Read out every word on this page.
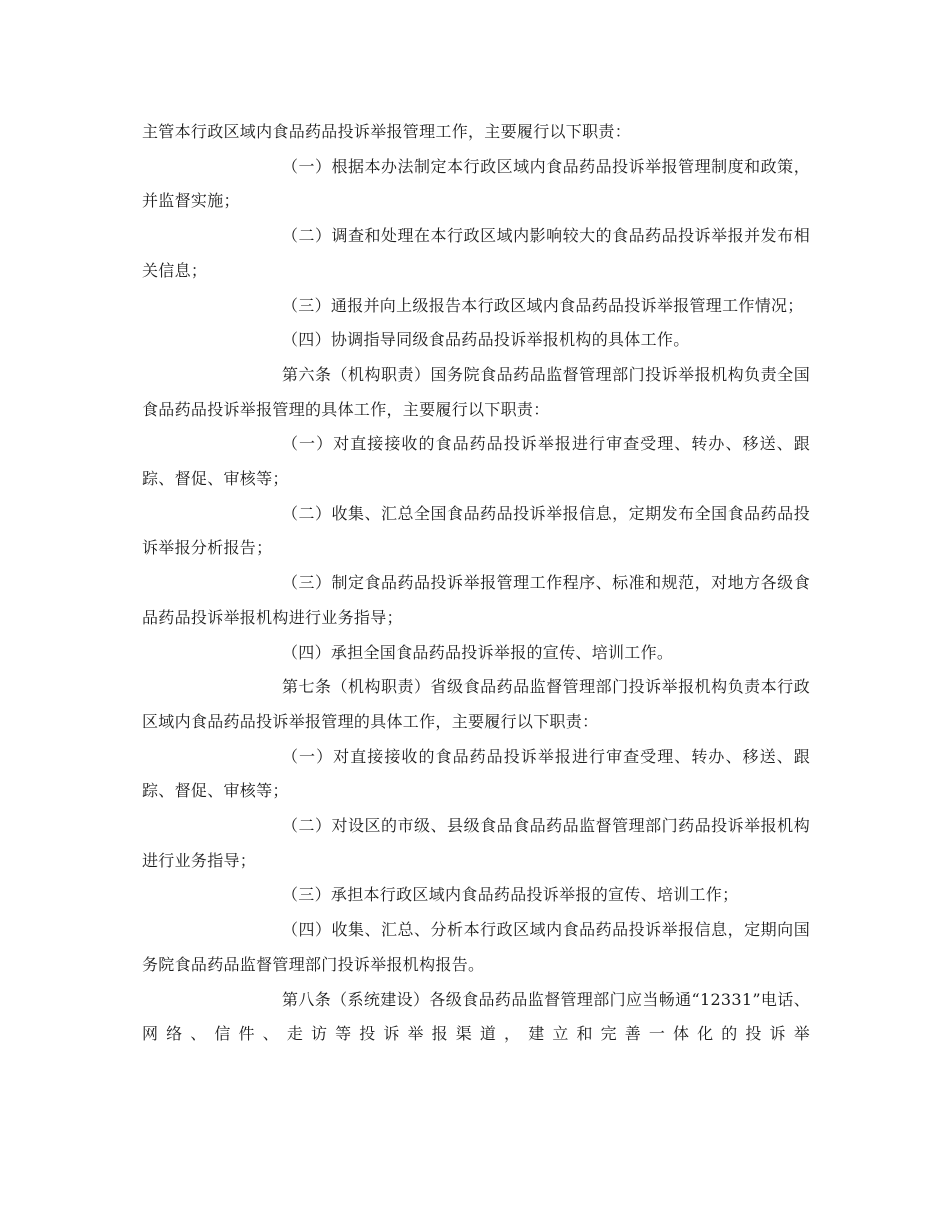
主管本行政区域内食品药品投诉举报管理工作，主要履行以下职责：

（一）根据本办法制定本行政区域内食品药品投诉举报管理制度和政策，并监督实施；

（二）调查和处理在本行政区域内影响较大的食品药品投诉举报并发布相关信息；

（三）通报并向上级报告本行政区域内食品药品投诉举报管理工作情况；

（四）协调指导同级食品药品投诉举报机构的具体工作。

第六条（机构职责）国务院食品药品监督管理部门投诉举报机构负责全国食品药品投诉举报管理的具体工作，主要履行以下职责：

（一）对直接接收的食品药品投诉举报进行审查受理、转办、移送、跟踪、督促、审核等；

（二）收集、汇总全国食品药品投诉举报信息，定期发布全国食品药品投诉举报分析报告；

（三）制定食品药品投诉举报管理工作程序、标准和规范，对地方各级食品药品投诉举报机构进行业务指导；

（四）承担全国食品药品投诉举报的宣传、培训工作。

第七条（机构职责）省级食品药品监督管理部门投诉举报机构负责本行政区域内食品药品投诉举报管理的具体工作，主要履行以下职责：

（一）对直接接收的食品药品投诉举报进行审查受理、转办、移送、跟踪、督促、审核等；

（二）对设区的市级、县级食品食品药品监督管理部门药品投诉举报机构进行业务指导；

（三）承担本行政区域内食品药品投诉举报的宣传、培训工作；

（四）收集、汇总、分析本行政区域内食品药品投诉举报信息，定期向国务院食品药品监督管理部门投诉举报机构报告。

第八条（系统建设）各级食品药品监督管理部门应当畅通“12331”电话、网络、信件、走访等投诉举报渠道，建立和完善一体化的投诉举
